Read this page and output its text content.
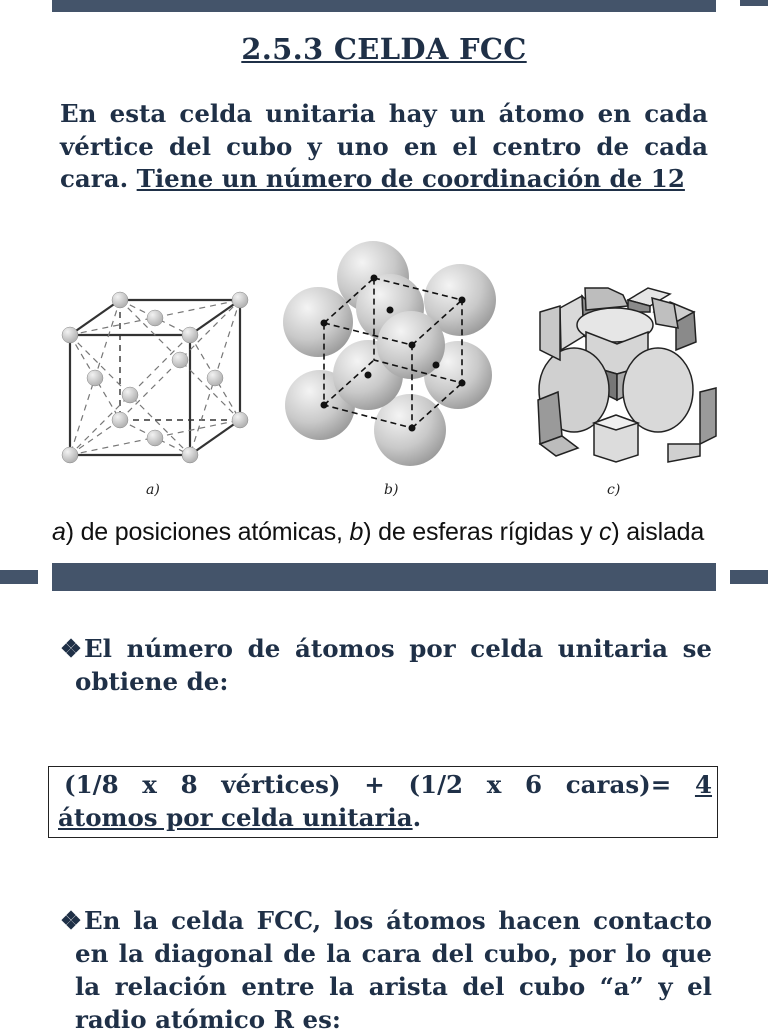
2.5.3 CELDA FCC
En esta celda unitaria hay un átomo en cada vértice del cubo y uno en el centro de cada cara. Tiene un número de coordinación de 12
a)	b)	c)
a) de posiciones atómicas, b) de esferas rígidas y c) aislada
❖ El número de átomos por celda unitaria se obtiene de:
(1/8 x 8 vértices) + (1/2 x 6 caras)= 4
átomos por celda unitaria.
❖ En la celda FCC, los átomos hacen contacto en la diagonal de la cara del cubo, por lo que la relación entre la arista del cubo “a” y el radio atómico R es:
